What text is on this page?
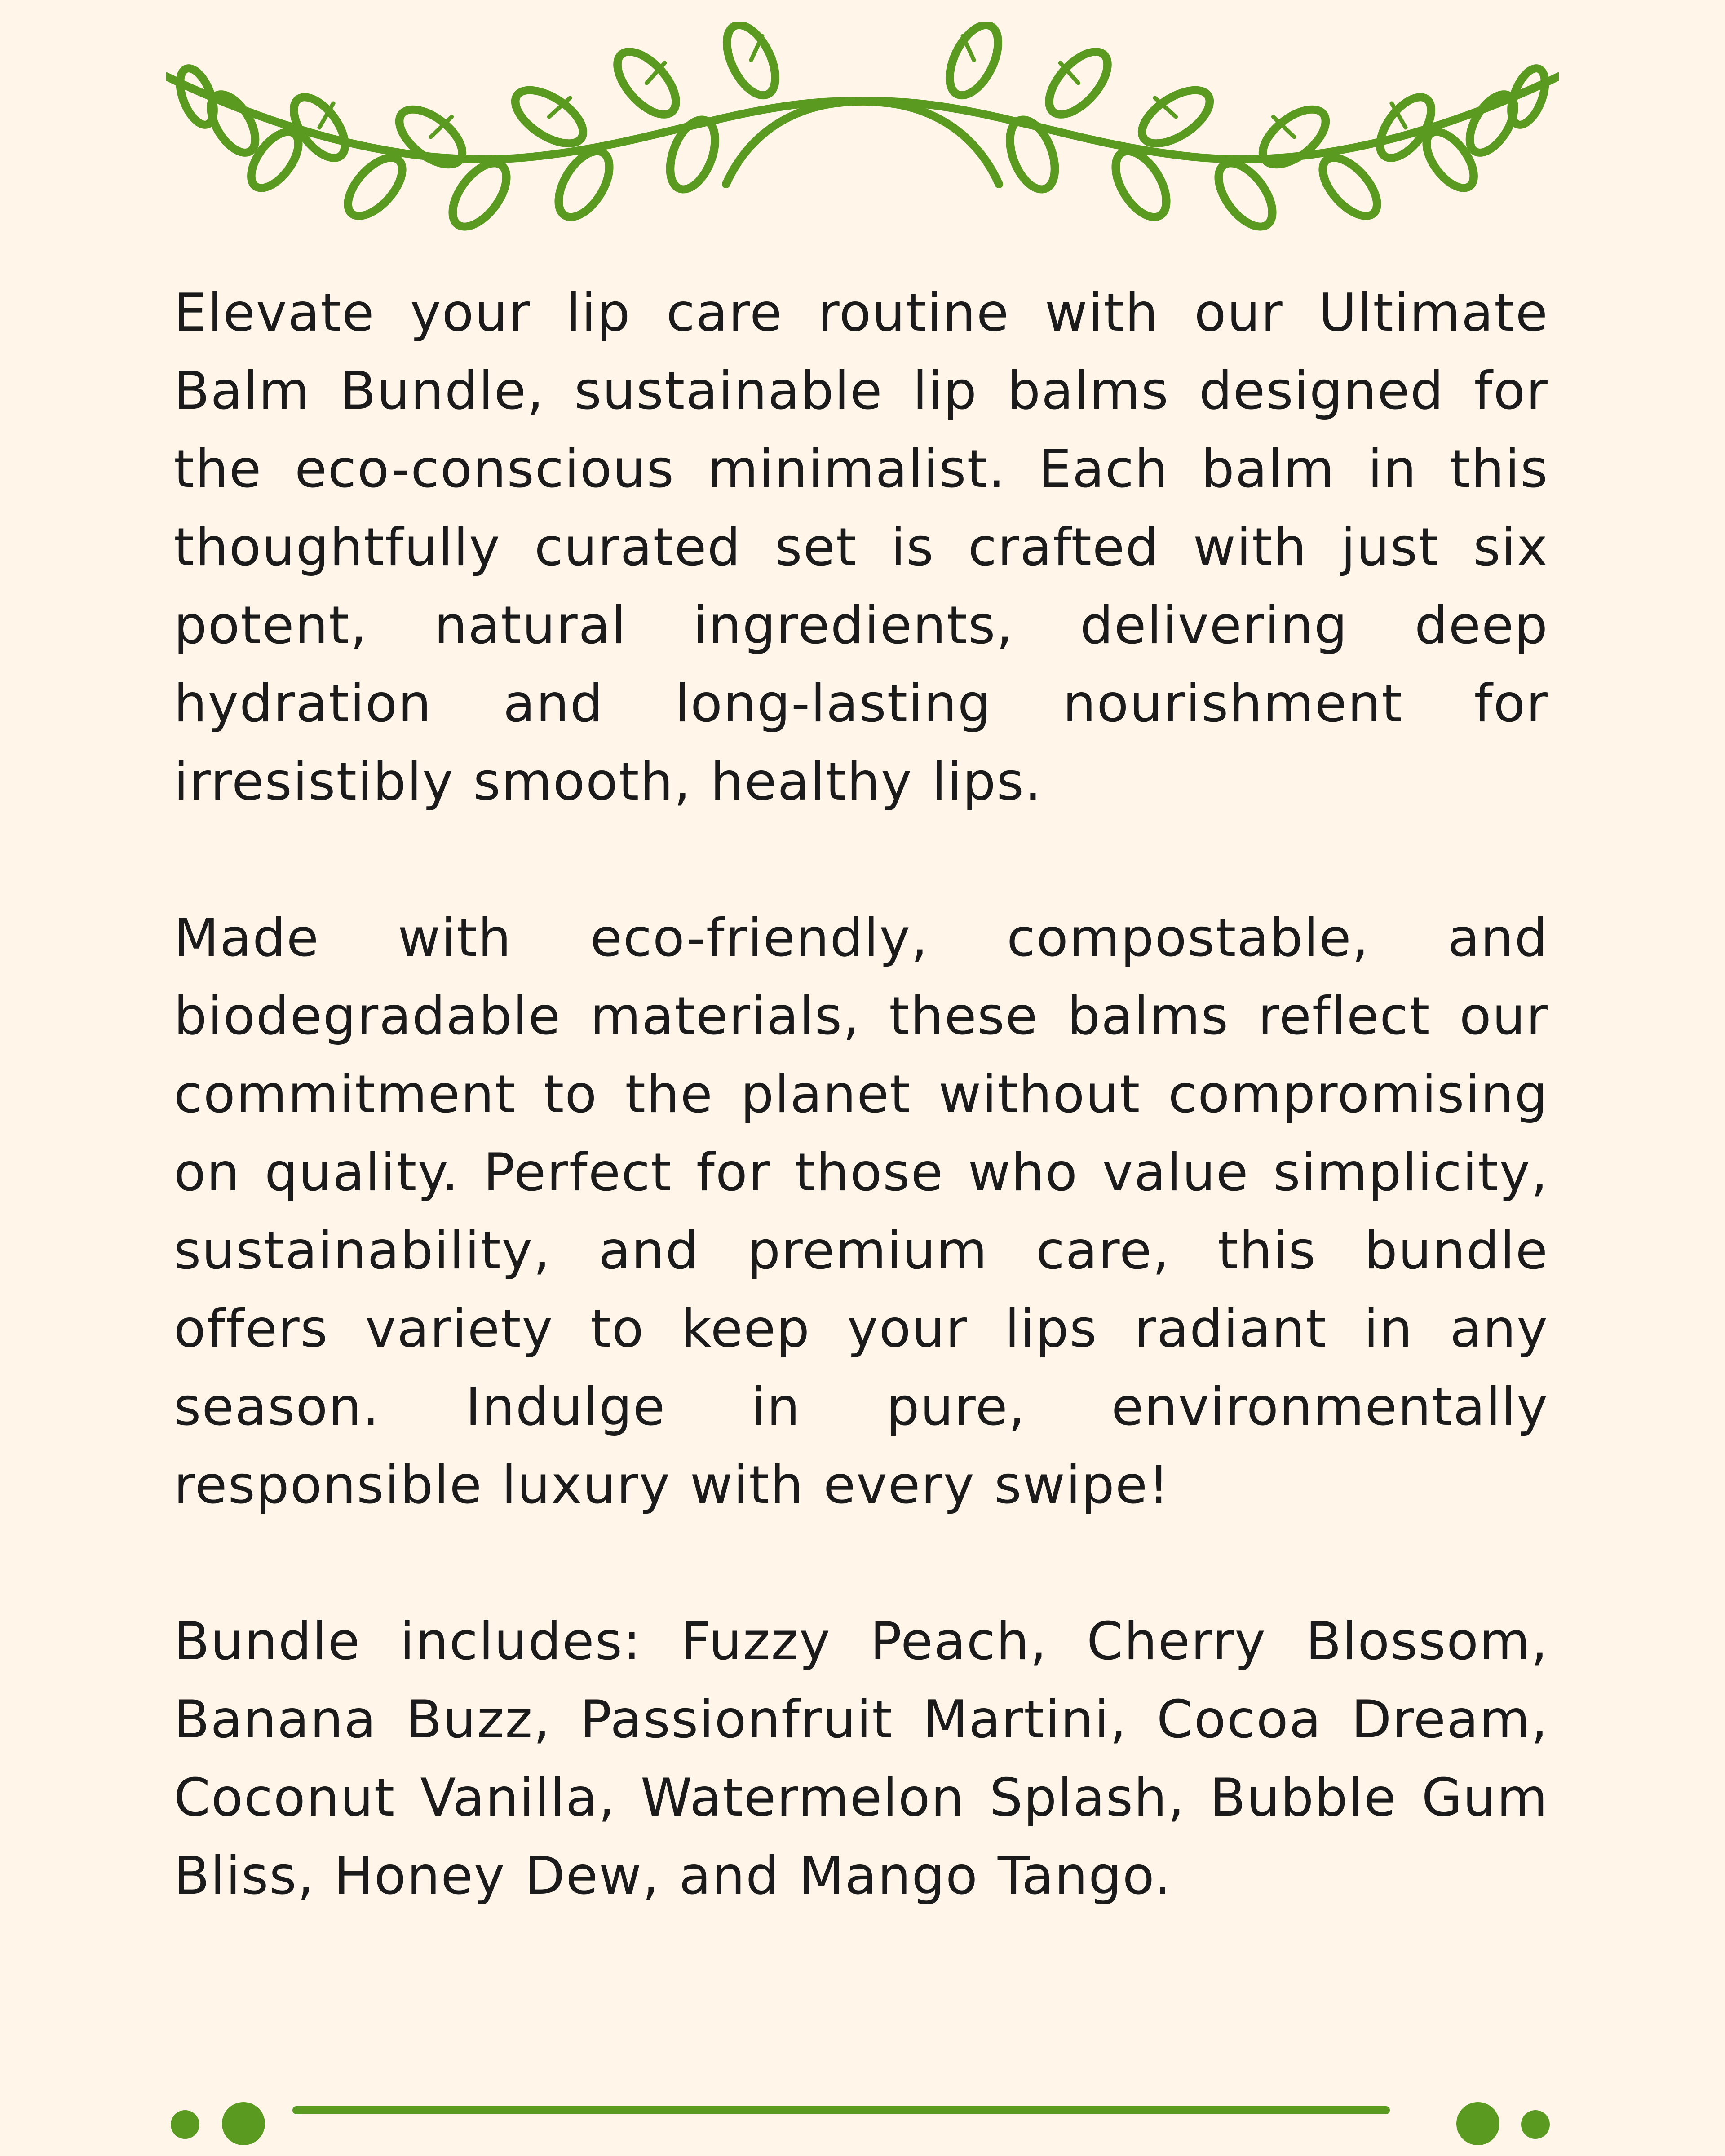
Elevate your lip care routine with our Ultimate Balm Bundle, sustainable lip balms designed for the eco-conscious minimalist. Each balm in this thoughtfully curated set is crafted with just six potent, natural ingredients, delivering deep hydration and long-lasting nourishment for irresistibly smooth, healthy lips.

Made with eco-friendly, compostable, and biodegradable materials, these balms reflect our commitment to the planet without compromising on quality. Perfect for those who value simplicity, sustainability, and premium care, this bundle offers variety to keep your lips radiant in any season. Indulge in pure, environmentally responsible luxury with every swipe!

Bundle includes: Fuzzy Peach, Cherry Blossom, Banana Buzz, Passionfruit Martini, Cocoa Dream, Coconut Vanilla, Watermelon Splash, Bubble Gum Bliss, Honey Dew, and Mango Tango.
